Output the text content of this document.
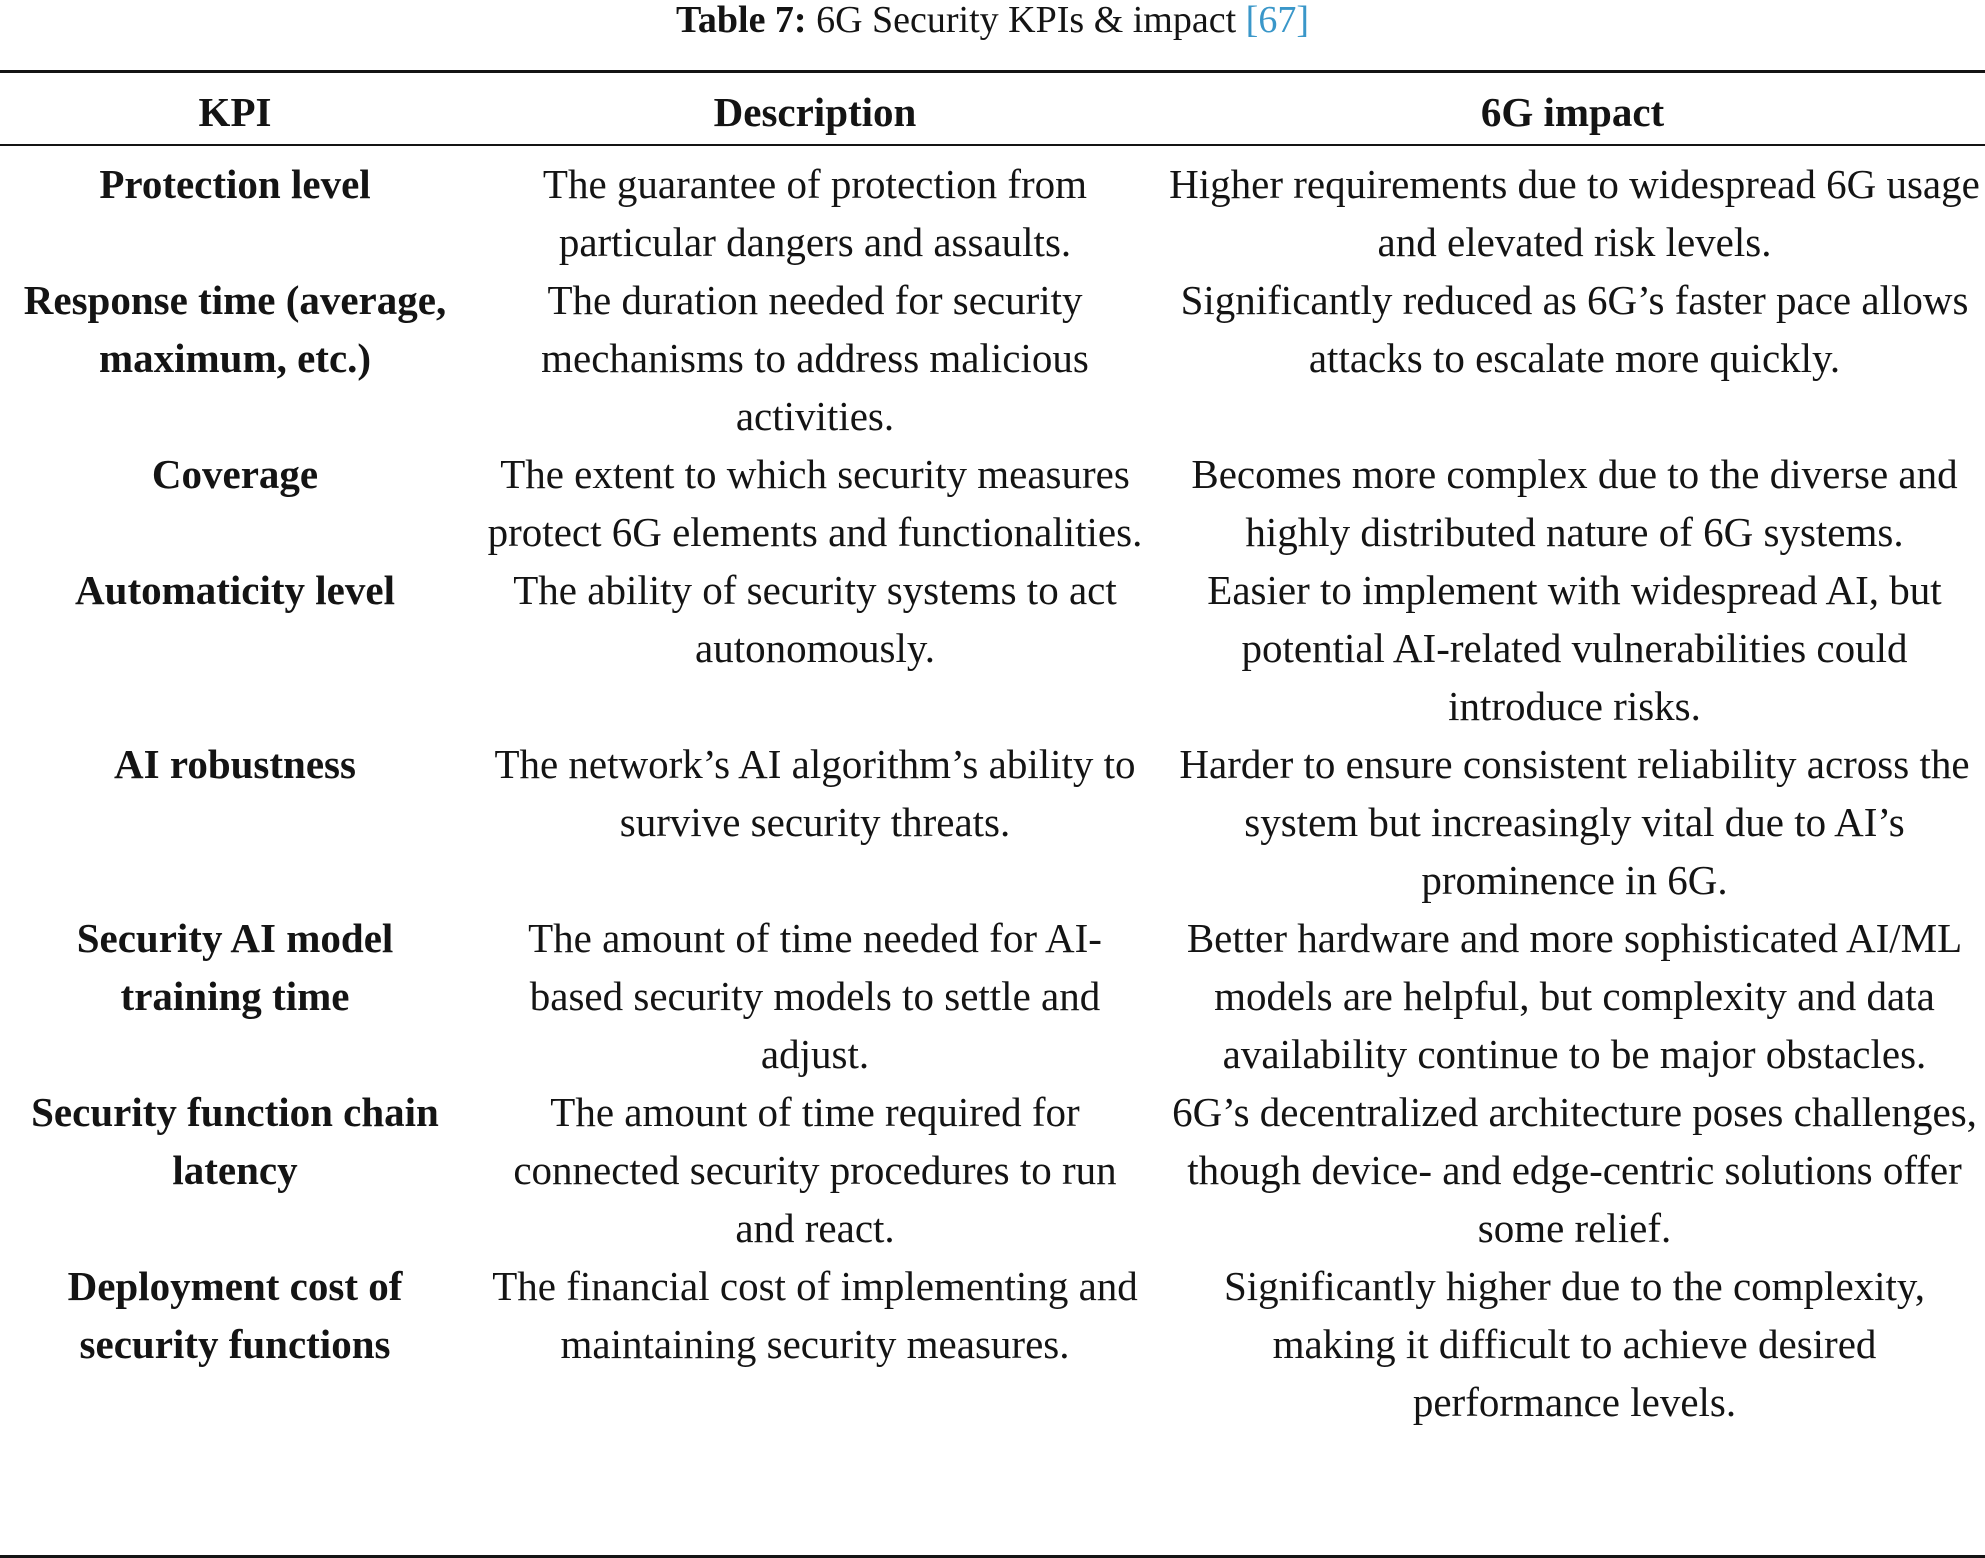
Table 7: 6G Security KPIs & impact [67]
KPI	Description	6G impact
Protection level	The guarantee of protection from particular dangers and assaults.	Higher requirements due to widespread 6G usage and elevated risk levels.
Response time (average, maximum, etc.)	The duration needed for security mechanisms to address malicious activities.	Significantly reduced as 6G’s faster pace allows attacks to escalate more quickly.
Coverage	The extent to which security measures protect 6G elements and functionalities.	Becomes more complex due to the diverse and highly distributed nature of 6G systems.
Automaticity level	The ability of security systems to act autonomously.	Easier to implement with widespread AI, but potential AI-related vulnerabilities could introduce risks.
AI robustness	The network’s AI algorithm’s ability to survive security threats.	Harder to ensure consistent reliability across the system but increasingly vital due to AI’s prominence in 6G.
Security AI model training time	The amount of time needed for AI-based security models to settle and adjust.	Better hardware and more sophisticated AI/ML models are helpful, but complexity and data availability continue to be major obstacles.
Security function chain latency	The amount of time required for connected security procedures to run and react.	6G’s decentralized architecture poses challenges, though device- and edge-centric solutions offer some relief.
Deployment cost of security functions	The financial cost of implementing and maintaining security measures.	Significantly higher due to the complexity, making it difficult to achieve desired performance levels.
